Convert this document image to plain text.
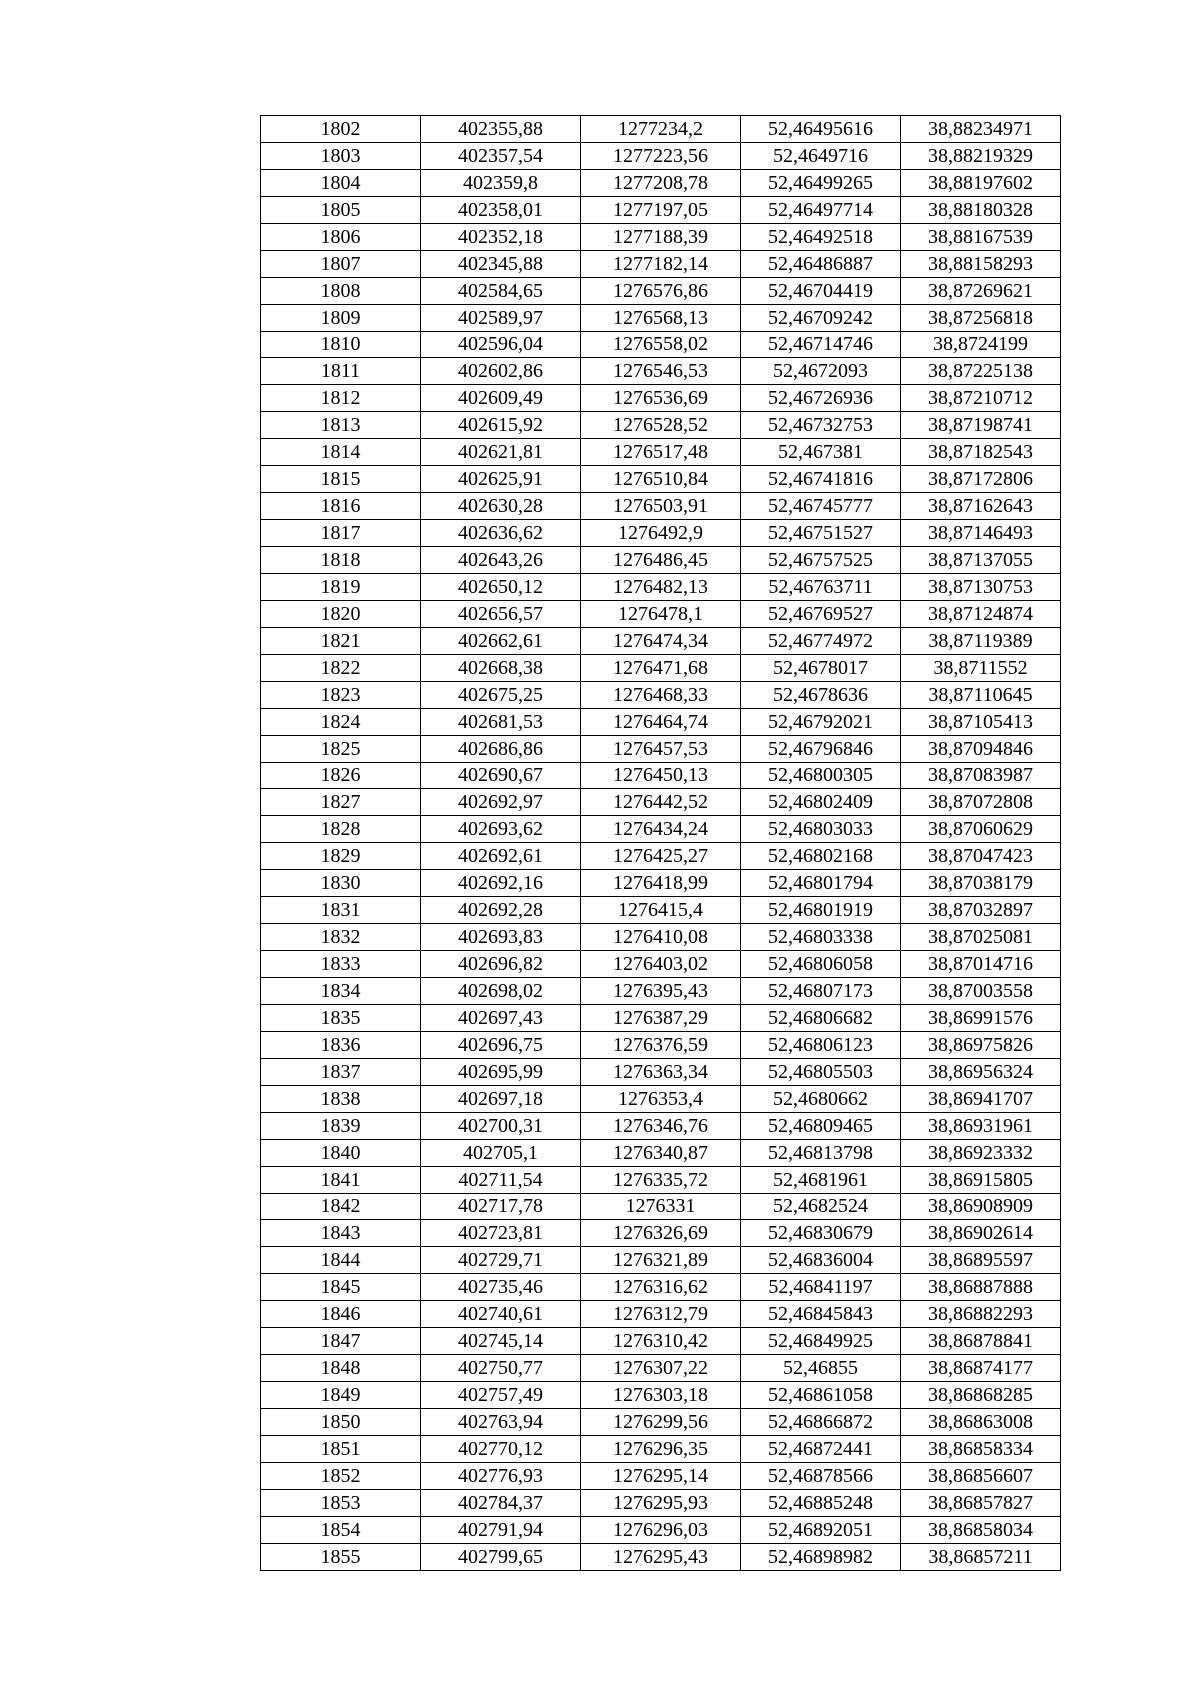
1802	402355,88	1277234,2	52,46495616	38,88234971
1803	402357,54	1277223,56	52,4649716	38,88219329
1804	402359,8	1277208,78	52,46499265	38,88197602
1805	402358,01	1277197,05	52,46497714	38,88180328
1806	402352,18	1277188,39	52,46492518	38,88167539
1807	402345,88	1277182,14	52,46486887	38,88158293
1808	402584,65	1276576,86	52,46704419	38,87269621
1809	402589,97	1276568,13	52,46709242	38,87256818
1810	402596,04	1276558,02	52,46714746	38,8724199
1811	402602,86	1276546,53	52,4672093	38,87225138
1812	402609,49	1276536,69	52,46726936	38,87210712
1813	402615,92	1276528,52	52,46732753	38,87198741
1814	402621,81	1276517,48	52,467381	38,87182543
1815	402625,91	1276510,84	52,46741816	38,87172806
1816	402630,28	1276503,91	52,46745777	38,87162643
1817	402636,62	1276492,9	52,46751527	38,87146493
1818	402643,26	1276486,45	52,46757525	38,87137055
1819	402650,12	1276482,13	52,46763711	38,87130753
1820	402656,57	1276478,1	52,46769527	38,87124874
1821	402662,61	1276474,34	52,46774972	38,87119389
1822	402668,38	1276471,68	52,4678017	38,8711552
1823	402675,25	1276468,33	52,4678636	38,87110645
1824	402681,53	1276464,74	52,46792021	38,87105413
1825	402686,86	1276457,53	52,46796846	38,87094846
1826	402690,67	1276450,13	52,46800305	38,87083987
1827	402692,97	1276442,52	52,46802409	38,87072808
1828	402693,62	1276434,24	52,46803033	38,87060629
1829	402692,61	1276425,27	52,46802168	38,87047423
1830	402692,16	1276418,99	52,46801794	38,87038179
1831	402692,28	1276415,4	52,46801919	38,87032897
1832	402693,83	1276410,08	52,46803338	38,87025081
1833	402696,82	1276403,02	52,46806058	38,87014716
1834	402698,02	1276395,43	52,46807173	38,87003558
1835	402697,43	1276387,29	52,46806682	38,86991576
1836	402696,75	1276376,59	52,46806123	38,86975826
1837	402695,99	1276363,34	52,46805503	38,86956324
1838	402697,18	1276353,4	52,4680662	38,86941707
1839	402700,31	1276346,76	52,46809465	38,86931961
1840	402705,1	1276340,87	52,46813798	38,86923332
1841	402711,54	1276335,72	52,4681961	38,86915805
1842	402717,78	1276331	52,4682524	38,86908909
1843	402723,81	1276326,69	52,46830679	38,86902614
1844	402729,71	1276321,89	52,46836004	38,86895597
1845	402735,46	1276316,62	52,46841197	38,86887888
1846	402740,61	1276312,79	52,46845843	38,86882293
1847	402745,14	1276310,42	52,46849925	38,86878841
1848	402750,77	1276307,22	52,46855	38,86874177
1849	402757,49	1276303,18	52,46861058	38,86868285
1850	402763,94	1276299,56	52,46866872	38,86863008
1851	402770,12	1276296,35	52,46872441	38,86858334
1852	402776,93	1276295,14	52,46878566	38,86856607
1853	402784,37	1276295,93	52,46885248	38,86857827
1854	402791,94	1276296,03	52,46892051	38,86858034
1855	402799,65	1276295,43	52,46898982	38,86857211
